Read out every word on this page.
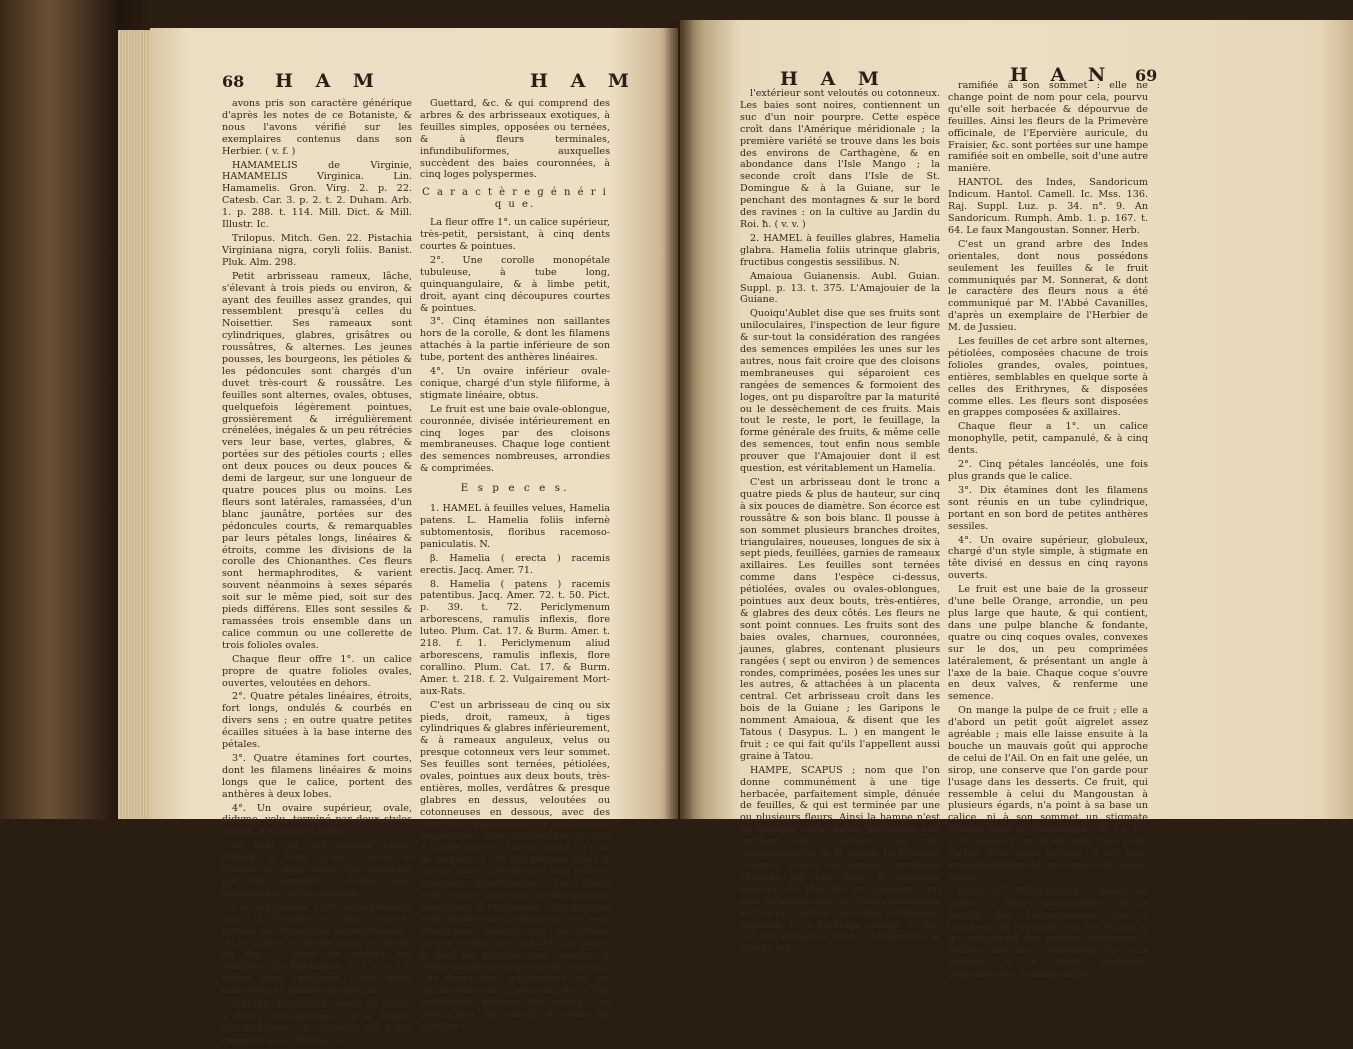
68 H A M	H A M

avons pris son caractère générique d'après les notes de ce Botaniste, & nous l'avons vérifié sur les exemplaires contenus dans son Herbier. ( v. f. )

HAMAMELIS de Virginie, HAMAMELIS Virginica. Lin. Hamamelis. Gron. Virg. 2. p. 22. Catesb. Car. 3. p. 2. t. 2. Duham. Arb. 1. p. 288. t. 114. Mill. Dict. & Mill. Illustr. Ic.

Trilopus. Mitch. Gen. 22. Pistachia Virginiana nigra, coryli foliis. Banist. Pluk. Alm. 298.

Petit arbrisseau rameux, lâche, s'élevant à trois pieds ou environ, & ayant des feuilles assez grandes, qui ressemblent presqu'à celles du Noisettier. Ses rameaux sont cylindriques, glabres, grisâtres ou roussâtres, & alternes. Les jeunes pousses, les bourgeons, les pétioles & les pédoncules sont chargés d'un duvet très-court & roussâtre. Les feuilles sont alternes, ovales, obtuses, quelquefois légèrement pointues, grossièrement & irrégulièrement crénelées, inégales & un peu rétrécies vers leur base, vertes, glabres, & portées sur des pétioles courts ; elles ont deux pouces ou deux pouces & demi de largeur, sur une longueur de quatre pouces plus ou moins. Les fleurs sont latérales, ramassées, d'un blanc jaunâtre, portées sur des pédoncules courts, & remarquables par leurs pétales longs, linéaires & étroits, comme les divisions de la corolle des Chionanthes. Ces fleurs sont hermaphrodites, & varient souvent néanmoins à sexes séparés soit sur le même pied, soit sur des pieds différens. Elles sont sessiles & ramassées trois ensemble dans un calice commun ou une collerette de trois folioles ovales.

Chaque fleur offre 1°. un calice propre de quatre folioles ovales, ouvertes, veloutées en dehors.

2°. Quatre pétales linéaires, étroits, fort longs, ondulés & courbés en divers sens ; en outre quatre petites écailles situées à la base interne des pétales.

3°. Quatre étamines fort courtes, dont les filamens linéaires & moins longs que le calice, portent des anthères à deux lobes.

4°. Un ovaire supérieur, ovale, didyme, velu, terminé par deux styles courts, à stigmates obtus.

Le fruit est une capsule ovale, didyme, à deux cornes courtes, & divisée en deux loges qui s'ouvrent par leur sommet ; chaque loge contient une seule semence.

Cet arbrisseau croît naturellement dans la Virginie, & dans d'autres parties de l'Amérique septentrionale : on le cultive en pleine terre au Jardin du Roi, & dans les jardins des Amateurs de Botanique. ħ. ( v. v. ) Il fleurit dans l'automne ; ses fruits mûrissent au printemps suivant.

HAMEL, HAMELIA ; genre de plante à fleurs monopétalées, de la famille des Rubiacées ou Caféyers, qui a des rapports avec l'Erithal, le

Guettard, &c. & qui comprend des arbres & des arbrisseaux exotiques, à feuilles simples, opposées ou ternées, & à fleurs terminales, infundibuliformes, auxquelles succèdent des baies couronnées, à cinq loges polyspermes.

C a r a c t è r e g é n é r i q u e.

La fleur offre 1°. un calice supérieur, très-petit, persistant, à cinq dents courtes & pointues.

2°. Une corolle monopétale tubuleuse, à tube long, quinquangulaire, & à limbe petit, droit, ayant cinq découpures courtes & pointues.

3°. Cinq étamines non saillantes hors de la corolle, & dont les filamens attachés à la partie inférieure de son tube, portent des anthères linéaires.

4°. Un ovaire inférieur ovale-conique, chargé d'un style filiforme, à stigmate linéaire, obtus.

Le fruit est une baie ovale-oblongue, couronnée, divisée intérieurement en cinq loges par des cloisons membraneuses. Chaque loge contient des semences nombreuses, arrondies & comprimées.

E s p e c e s.

1. HAMEL à feuilles velues, Hamelia patens. L. Hamelia foliis infernè subtomentosis, floribus racemoso-paniculatis. N.

β. Hamelia ( erecta ) racemis erectis. Jacq. Amer. 71.

8. Hamelia ( patens ) racemis patentibus. Jacq. Amer. 72. t. 50. Pict. p. 39. t. 72. Periclymenum arborescens, ramulis inflexis, flore luteo. Plum. Cat. 17. & Burm. Amer. t. 218. f. 1. Periclymenum aliud arborescens, ramulis inflexis, flore corallino. Plum. Cat. 17. & Burm. Amer. t. 218. f. 2. Vulgairement Mort-aux-Rats.

C'est un arbrisseau de cinq ou six pieds, droit, rameux, à tiges cylindriques & glabres inférieurement, & à rameaux anguleux, velus ou presque cotonneux vers leur sommet. Ses feuilles sont ternées, pétiolées, ovales, pointues aux deux bouts, très-entières, molles, verdâtres & presque glabres en dessus, veloutées ou cotonneuses en dessous, avec des nervures blanchâtres ou quelquefois rougeâtres ; elles sont longues de trois à quatre pouces, sur un pouce ou plus de largeur, & ont des pétioles velus & un peu longs. Les stipules sont petites, pointues, interfoliacées. Les fleurs sont rouges, viennent sur des grappes paniculées & terminales : ces grappes sont droites dans la plante α, que nous présumons, malgré cela, ne former qu'une variété par rapport à la plante β, dont les grappes sont ouvertes & même courbées en queue de Scorpion. Ces fleurs sont unilatérales sur les ramifications de la panicule, & ont des pédoncules propres fort courts. Les pédoncules, les calices, & même les corolles à

H A M	H A N 69

l'extérieur sont veloutés ou cotonneux. Les baies sont noires, contiennent un suc d'un noir pourpre. Cette espèce croît dans l'Amérique méridionale ; la première variété se trouve dans les bois des environs de Carthagène, & en abondance dans l'Isle Mango ; la seconde croît dans l'Isle de St. Domingue & à la Guiane, sur le penchant des montagnes & sur le bord des ravines : on la cultive au Jardin du Roi. ħ. ( v. v. )

2. HAMEL à feuilles glabres, Hamelia glabra. Hamelia foliis utrinque glabris, fructibus congestis sessilibus. N.

Amaioua Guianensis. Aubl. Guian. Suppl. p. 13. t. 375. L'Amajouier de la Guiane.

Quoiqu'Aublet dise que ses fruits sont uniloculaires, l'inspection de leur figure & sur-tout la considération des rangées des semences empilées les unes sur les autres, nous fait croire que des cloisons membraneuses qui séparoient ces rangées de semences & formoient des loges, ont pu disparoître par la maturité ou le dessèchement de ces fruits. Mais tout le reste, le port, le feuillage, la forme générale des fruits, & même celle des semences, tout enfin nous semble prouver que l'Amajouier dont il est question, est véritablement un Hamelia.

C'est un arbrisseau dont le tronc a quatre pieds & plus de hauteur, sur cinq à six pouces de diamètre. Son écorce est roussâtre & son bois blanc. Il pousse à son sommet plusieurs branches droites, triangulaires, noueuses, longues de six à sept pieds, feuillées, garnies de rameaux axillaires. Les feuilles sont ternées comme dans l'espèce ci-dessus, pétiolées, ovales ou ovales-oblongues, pointues aux deux bouts, très-entières, & glabres des deux côtés. Les fleurs ne sont point connues. Les fruits sont des baies ovales, charnues, couronnées, jaunes, glabres, contenant plusieurs rangées ( sept ou environ ) de semences rondes, comprimées, posées les unes sur les autres, & attachées à un placenta central. Cet arbrisseau croît dans les bois de la Guiane ; les Garipons le nomment Amaioua, & disent que les Tatous ( Dasypus. L. ) en mangent le fruit ; ce qui fait qu'ils l'appellent aussi graine à Tatou.

HAMPE, SCAPUS ; nom que l'on donne communément à une tige herbacée, parfaitement simple, dénuée de feuilles, & qui est terminée par une ou plusieurs fleurs. Ainsi la hampe n'est en quelque sorte qu'un pédoncule soit uniflore, soit multiflore, qui naît immédiatement de la racine. Le Pissenlit commun pousse des hampes terminées chacune par une fleur, & plusieurs espèces de Plantain en poussent qui sont terminées par des fleurs ramassées soit en épi, soit en tête. Mais le Plantago psyllium. L. le Plantago cynops. L. &c. ont de véritables tiges. Quelquefois la hampe est

ramifiée à son sommet : elle ne change point de nom pour cela, pourvu qu'elle soit herbacée & dépourvue de feuilles. Ainsi les fleurs de la Primevère officinale, de l'Epervière auricule, du Fraisier, &c. sont portées sur une hampe ramifiée soit en ombelle, soit d'une autre manière.

HANTOL des Indes, Sandoricum Indicum. Hantol. Camell. Ic. Mss. 136. Raj. Suppl. Luz. p. 34. n°. 9. An Sandoricum. Rumph. Amb. 1. p. 167. t. 64. Le faux Mangoustan. Sonner. Herb.

C'est un grand arbre des Indes orientales, dont nous possédons seulement les feuilles & le fruit communiqués par M. Sonnerat, & dont le caractère des fleurs nous a été communiqué par M. l'Abbé Cavanilles, d'après un exemplaire de l'Herbier de M. de Jussieu.

Les feuilles de cet arbre sont alternes, pétiolées, composées chacune de trois folioles grandes, ovales, pointues, entières, semblables en quelque sorte à celles des Erithrynes, & disposées comme elles. Les fleurs sont disposées en grappes composées & axillaires.

Chaque fleur a 1°. un calice monophylle, petit, campanulé, & à cinq dents.

2°. Cinq pétales lancéolés, une fois plus grands que le calice.

3°. Dix étamines dont les filamens sont réunis en un tube cylindrique, portant en son bord de petites anthères sessiles.

4°. Un ovaire supérieur, globuleux, chargé d'un style simple, à stigmate en tête divisé en dessus en cinq rayons ouverts.

Le fruit est une baie de la grosseur d'une belle Orange, arrondie, un peu plus large que haute, & qui contient, dans une pulpe blanche & fondante, quatre ou cinq coques ovales, convexes sur le dos, un peu comprimées latéralement, & présentant un angle à l'axe de la baie. Chaque coque s'ouvre en deux valves, & renferme une semence.

On mange la pulpe de ce fruit ; elle a d'abord un petit goût aigrelet assez agréable ; mais elle laisse ensuite à la bouche un mauvais goût qui approche de celui de l'Ail. On en fait une gelée, un sirop, une conserve que l'on garde pour l'usage dans les desserts. Ce fruit, qui ressemble à celui du Mangoustan à plusieurs égards, n'a point à sa base un calice, ni à son sommet un stigmate comme celui du Mangoustan. ħ. ( v. f. ) Si le Sandoricum de Rumphe n'est point l'arbre dont nous parlons, il est très-vraisemblablement une espèce du même genre.

HARICOT, PHASEOLUS ; genre de plante à fleurs polypétalées, de la famille des Légumineuses, qui a beaucoup de rapports avec les Dolics, & qui comprend des plantes exotiques, à feuilles alternes, composées de trois folioles, & à fleurs axillaires, papilionacées, remarquables
